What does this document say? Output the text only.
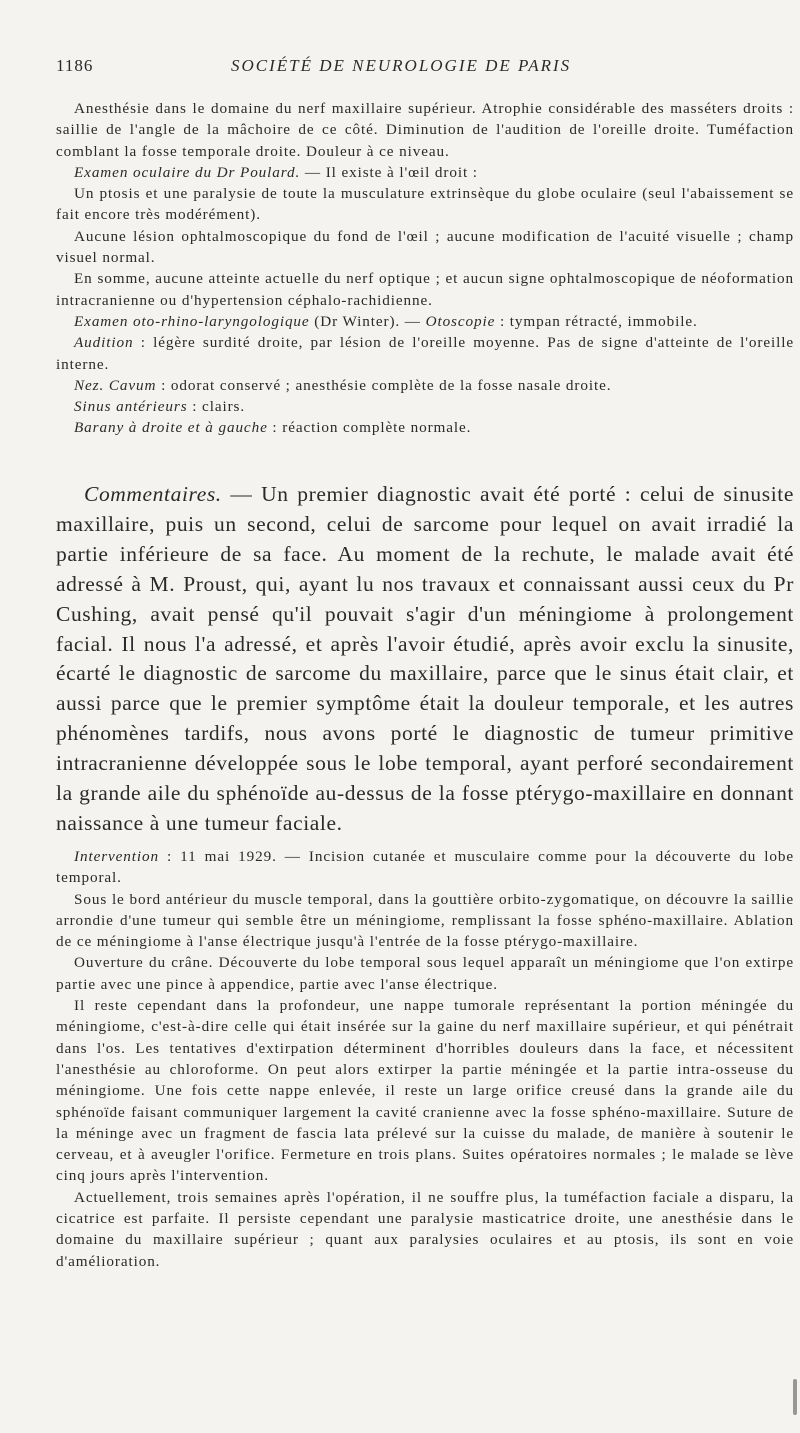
1186	SOCIÉTÉ DE NEUROLOGIE DE PARIS

Anesthésie dans le domaine du nerf maxillaire supérieur. Atrophie considérable des masséters droits : saillie de l'angle de la mâchoire de ce côté. Diminution de l'audition de l'oreille droite. Tuméfaction comblant la fosse temporale droite. Douleur à ce niveau.

Examen oculaire du Dr Poulard. — Il existe à l'œil droit :

Un ptosis et une paralysie de toute la musculature extrinsèque du globe oculaire (seul l'abaissement se fait encore très modérément).

Aucune lésion ophtalmoscopique du fond de l'œil ; aucune modification de l'acuité visuelle ; champ visuel normal.

En somme, aucune atteinte actuelle du nerf optique ; et aucun signe ophtalmoscopique de néoformation intracranienne ou d'hypertension céphalo-rachidienne.

Examen oto-rhino-laryngologique (Dr Winter). — Otoscopie : tympan rétracté, immobile.

Audition : légère surdité droite, par lésion de l'oreille moyenne. Pas de signe d'atteinte de l'oreille interne.

Nez. Cavum : odorat conservé ; anesthésie complète de la fosse nasale droite.

Sinus antérieurs : clairs.

Barany à droite et à gauche : réaction complète normale.

Commentaires. — Un premier diagnostic avait été porté : celui de sinusite maxillaire, puis un second, celui de sarcome pour lequel on avait irradié la partie inférieure de sa face. Au moment de la rechute, le malade avait été adressé à M. Proust, qui, ayant lu nos travaux et connaissant aussi ceux du Pr Cushing, avait pensé qu'il pouvait s'agir d'un méningiome à prolongement facial. Il nous l'a adressé, et après l'avoir étudié, après avoir exclu la sinusite, écarté le diagnostic de sarcome du maxillaire, parce que le sinus était clair, et aussi parce que le premier symptôme était la douleur temporale, et les autres phénomènes tardifs, nous avons porté le diagnostic de tumeur primitive intracranienne développée sous le lobe temporal, ayant perforé secondairement la grande aile du sphénoïde au-dessus de la fosse ptérygo-maxillaire en donnant naissance à une tumeur faciale.

Intervention : 11 mai 1929. — Incision cutanée et musculaire comme pour la découverte du lobe temporal.

Sous le bord antérieur du muscle temporal, dans la gouttière orbito-zygomatique, on découvre la saillie arrondie d'une tumeur qui semble être un méningiome, remplissant la fosse sphéno-maxillaire. Ablation de ce méningiome à l'anse électrique jusqu'à l'entrée de la fosse ptérygo-maxillaire.

Ouverture du crâne. Découverte du lobe temporal sous lequel apparaît un méningiome que l'on extirpe partie avec une pince à appendice, partie avec l'anse électrique.

Il reste cependant dans la profondeur, une nappe tumorale représentant la portion méningée du méningiome, c'est-à-dire celle qui était insérée sur la gaine du nerf maxillaire supérieur, et qui pénétrait dans l'os. Les tentatives d'extirpation déterminent d'horribles douleurs dans la face, et nécessitent l'anesthésie au chloroforme. On peut alors extirper la partie méningée et la partie intra-osseuse du méningiome. Une fois cette nappe enlevée, il reste un large orifice creusé dans la grande aile du sphénoïde faisant communiquer largement la cavité cranienne avec la fosse sphéno-maxillaire. Suture de la méninge avec un fragment de fascia lata prélevé sur la cuisse du malade, de manière à soutenir le cerveau, et à aveugler l'orifice. Fermeture en trois plans. Suites opératoires normales ; le malade se lève cinq jours après l'intervention.

Actuellement, trois semaines après l'opération, il ne souffre plus, la tuméfaction faciale a disparu, la cicatrice est parfaite. Il persiste cependant une paralysie masticatrice droite, une anesthésie dans le domaine du maxillaire supérieur ; quant aux paralysies oculaires et au ptosis, ils sont en voie d'amélioration.
